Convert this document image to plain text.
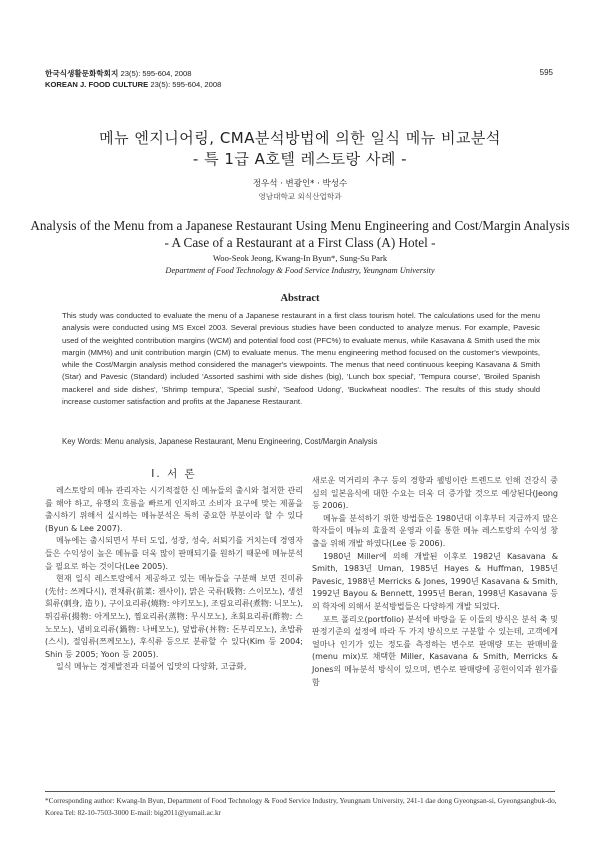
한국식생활문화학회지 23(5): 595-604, 2008
KOREAN J. FOOD CULTURE 23(5): 595-604, 2008
595
메뉴 엔지니어링, CMA분석방법에 의한 일식 메뉴 비교분석
- 특 1급 A호텔 레스토랑 사례 -
정우석 · 변광인* · 박성수
영남대학교 외식산업학과
Analysis of the Menu from a Japanese Restaurant Using Menu Engineering and Cost/Margin Analysis
- A Case of a Restaurant at a First Class (A) Hotel -
Woo-Seok Jeong, Kwang-In Byun*, Sung-Su Park
Department of Food Technology & Food Service Industry, Yeungnam University
Abstract
This study was conducted to evaluate the menu of a Japanese restaurant in a first class tourism hotel. The calculations used for the menu analysis were conducted using MS Excel 2003. Several previous studies have been conducted to analyze menus. For example, Pavesic used of the weighted contribution margins (WCM) and potential food cost (PFC%) to evaluate menus, while Kasavana & Smith used the mix margin (MM%) and unit contribution margin (CM) to evaluate menus. The menu engineering method focused on the customer's viewpoints, while the Cost/Margin analysis method considered the manager's viewpoints. The menus that need continuous keeping Kasavana & Smith (Star) and Pavesic (Standard) included 'Assorted sashimi with side dishes (big), 'Lunch box special', 'Tempura course', 'Broiled Spanish mackerel and side dishes', 'Shrimp tempura', 'Special sushi', 'Seafood Udong', 'Buckwheat noodles'. The results of this study should increase customer satisfaction and profits at the Japanese Restaurant.
Key Words: Menu analysis, Japanese Restaurant, Menu Engineering, Cost/Margin Analysis
I. 서 론

레스토랑의 메뉴 관리자는 시기적절한 신 메뉴들의 출시와 철저한 관리를 해야 하고, 유행의 흐름을 빠르게 인지하고 소비자 요구에 맞는 제품을 출시하기 위해서 실시하는 메뉴분석은 특히 중요한 부분이라 할 수 있다(Byun & Lee 2007).

메뉴에는 출시되면서 부터 도입, 성장, 성숙, 쇠퇴기를 거치는데 경영자들은 수익성이 높은 메뉴를 더욱 많이 판매되기를 원하기 때문에 메뉴분석을 필요로 하는 것이다(Lee 2005).

현재 일식 레스토랑에서 제공하고 있는 메뉴들을 구분해 보면 진미류(先付: 쓰께다시), 전채류(前菜: 젠사이), 맑은 국류(吸物: 스이모노), 생선회류(刺身, 造り), 구이요리류(燒物: 야키모노), 조림요리류(煮物: 니모노), 튀김류(揚物: 아게모노), 찜요리류(蒸物: 무시모노), 초회요리류(酢物: 스노모노), 냄비요리류(鍋物: 나베모노), 덮밥류(丼物: 돈부리모노), 초밥류(스시), 절임류(쯔께모노), 후식류 등으로 분류할 수 있다(Kim 등 2004; Shin 등 2005; Yoon 등 2005).

일식 메뉴는 경제발전과 더불어 입맛의 다양화, 고급화,

새로운 먹거리의 추구 등의 경향과 웰빙이란 트렌드로 인해 건강식 중심의 일본음식에 대한 수요는 더욱 더 증가할 것으로 예상된다(Jeong 등 2006).

메뉴를 분석하기 위한 방법들은 1980년대 이후부터 지금까지 많은 학자들이 메뉴의 효율적 운영과 이를 통한 메뉴 레스토랑의 수익성 창출을 위해 개발 하였다(Lee 등 2006).

1980년 Miller에 의해 개발된 이후로 1982년 Kasavana & Smith, 1983년 Uman, 1985년 Hayes & Huffman, 1985년 Pavesic, 1988년 Merricks & Jones, 1990년 Kasavana & Smith, 1992년 Bayou & Bennett, 1995년 Beran, 1998년 Kasavana 등의 학자에 의해서 분석방법들은 다양하게 개발 되었다.

포트 폴리오(portfolio) 분석에 바탕을 둔 이들의 방식은 분석 축 및 판정기준의 설정에 따라 두 가지 방식으로 구분할 수 있는데, 고객에게 얼마나 인기가 있는 정도를 측정하는 변수로 판매량 또는 판매비율(menu mix)로 채택한 Miller, Kasavana & Smith, Merricks & Jones의 메뉴분석 방식이 있으며, 변수로 판매량에 공헌이익과 원가를 함

*Corresponding author: Kwang-In Byun, Department of Food Technology & Food Service Industry, Yeungnam University, 241-1 dae dong Gyeongsan-si, Gyeongsangbuk-do, Korea Tel: 82-10-7503-3000 E-mail: big2011@yumail.ac.kr
